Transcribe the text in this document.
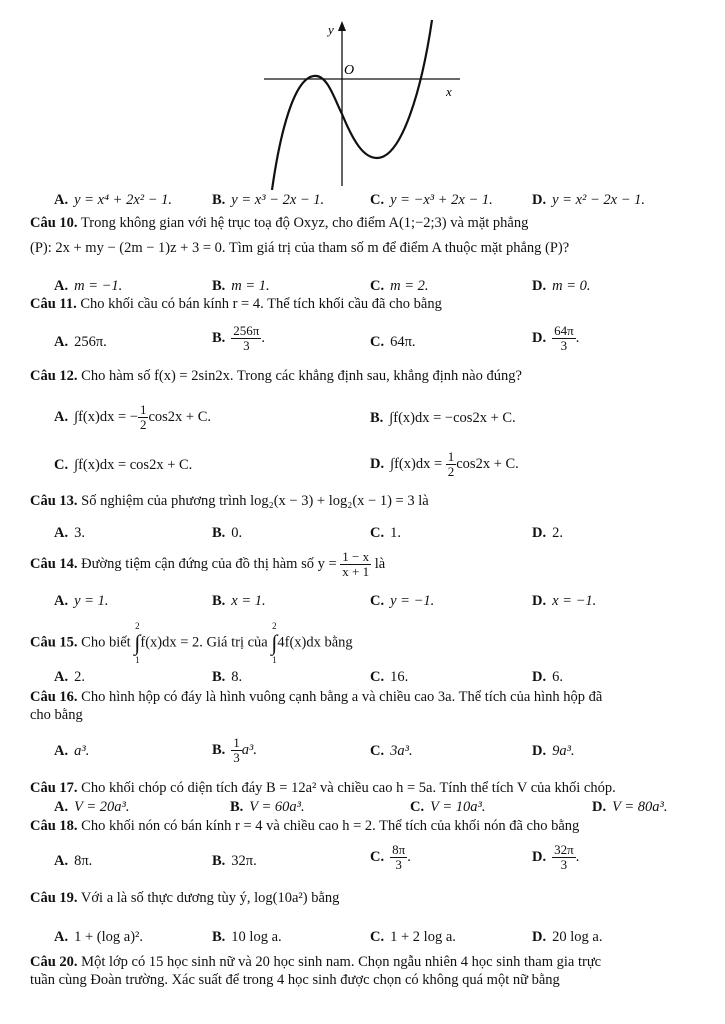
y
x
O
A. y = x⁴ + 2x² − 1.	B. y = x³ − 2x − 1.	C. y = −x³ + 2x − 1.	D. y = x² − 2x − 1.
Câu 10. Trong không gian với hệ trục toạ độ Oxyz, cho điểm A(1;−2;3) và mặt phẳng
(P): 2x + my − (2m − 1)z + 3 = 0. Tìm giá trị của tham số m để điểm A thuộc mặt phẳng (P)?
A. m = −1.	B. m = 1.	C. m = 2.	D. m = 0.
Câu 11. Cho khối cầu có bán kính r = 4. Thể tích khối cầu đã cho bằng
A. 256π.	B. $\frac{256\pi}{3}$ .	C. 64π.	D. $\frac{64\pi}{3}$ .
Câu 12. Cho hàm số f(x) = 2sin2x. Trong các khẳng định sau, khẳng định nào đúng?
A. ∫f(x)dx = − $\frac{1}{2} \cos 2x + C$.	B. ∫f(x)dx = −cos2x + C.
C. ∫f(x)dx = cos2x + C.	D. $\int f(x)dx = \frac{1}{2} \cos 2x + C$.
Câu 13. Số nghiệm của phương trình log₂(x − 3) + log₂(x − 1) = 3 là
A. 3.	B. 0.	C. 1.	D. 2.
Câu 14. Đường tiệm cận đứng của đồ thị hàm số $y = \frac{1 - x}{x + 1}$ là
A. y = 1.	B. x = 1.	C. y = −1.	D. x = −1.
Câu 15. Cho biết
2
∫
1
f(x)dx = 2. Giá trị của
2
∫
1
4f(x)dx bằng
A. 2.	B. 8.	C. 16.	D. 6.
Câu 16. Cho hình hộp có đáy là hình vuông cạnh bằng a và chiều cao 3a. Thể tích của hình hộp đã
cho bằng
A. a³.	B. $\frac{1}{3} a^3$.	C. 3a³.	D. 9a³.
Câu 17. Cho khối chóp có diện tích đáy B = 12a² và chiều cao h = 5a. Tính thể tích V của khối chóp.
A. V = 20a³.	B. V = 60a³.	C. V = 10a³.	D. V = 80a³.
Câu 18. Cho khối nón có bán kính r = 4 và chiều cao h = 2. Thể tích của khối nón đã cho bằng
A. 8π.	B. 32π.	C. $\frac{8\pi}{3}$ .	D. $\frac{32\pi}{3}$ .
Câu 19. Với a là số thực dương tùy ý, log(10a²) bằng
A. 1 + (log a)².	B. 10 log a.	C. 1 + 2 log a.	D. 20 log a.
Câu 20. Một lớp có 15 học sinh nữ và 20 học sinh nam. Chọn ngẫu nhiên 4 học sinh tham gia trực
tuần cùng Đoàn trường. Xác suất để trong 4 học sinh được chọn có không quá một nữ bằng
